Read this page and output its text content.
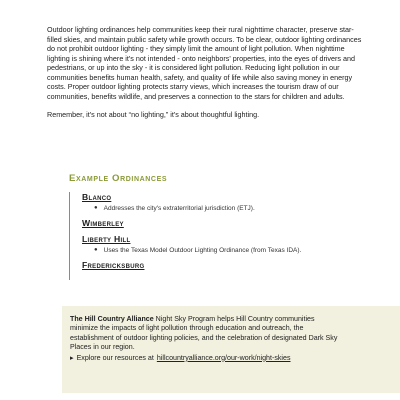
Outdoor lighting ordinances help communities keep their rural nighttime character, preserve star-filled skies, and maintain public safety while growth occurs. To be clear, outdoor lighting ordinances do not prohibit outdoor lighting - they simply limit the amount of light pollution. When nighttime lighting is shining where it's not intended - onto neighbors' properties, into the eyes of drivers and pedestrians, or up into the sky - it is considered light pollution. Reducing light pollution in our communities benefits human health, safety, and quality of life while also saving money in energy costs. Proper outdoor lighting protects starry views, which increases the tourism draw of our communities, benefits wildlife, and preserves a connection to the stars for children and adults.

Remember, it's not about “no lighting,” it's about thoughtful lighting.

Example Ordinances
Blanco
● Addresses the city's extraterritorial jurisdiction (ETJ).
Wimberley
Liberty Hill
● Uses the Texas Model Outdoor Lighting Ordinance (from Texas IDA).
Fredericksburg
The Hill Country Alliance Night Sky Program helps Hill Country communities minimize the impacts of light pollution through education and outreach, the establishment of outdoor lighting policies, and the celebration of designated Dark Sky Places in our region.
▸ Explore our resources at hillcountryalliance.org/our-work/night-skies
